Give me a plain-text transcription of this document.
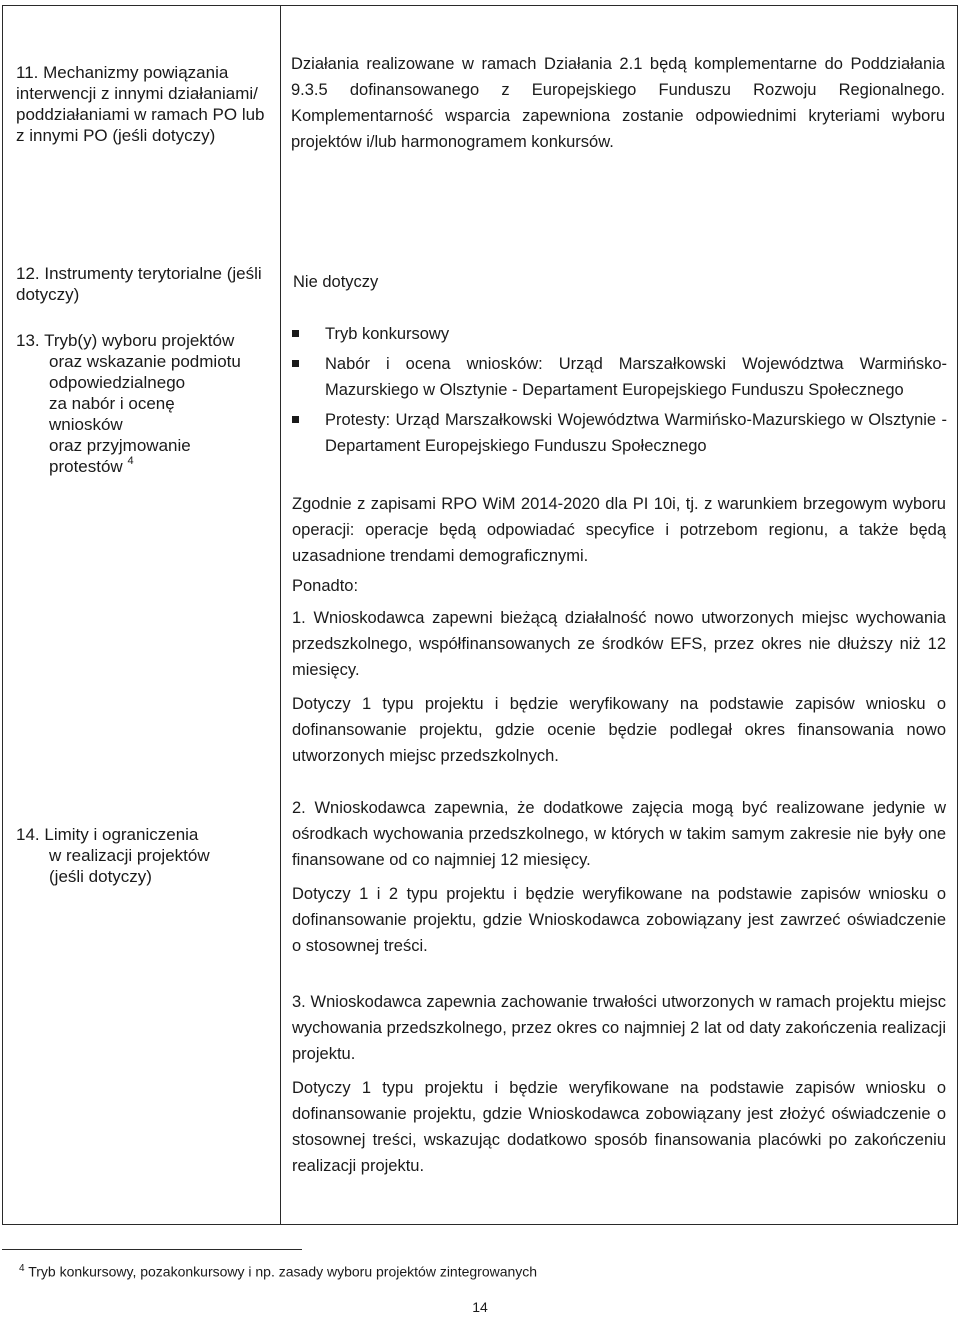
11. Mechanizmy powiązania interwencji z innymi działaniami/ poddziałaniami w ramach PO lub z innymi PO (jeśli dotyczy)

Działania realizowane w ramach Działania 2.1 będą komplementarne do Poddziałania 9.3.5 dofinansowanego z Europejskiego Funduszu Rozwoju Regionalnego. Komplementarność wsparcia zapewniona zostanie odpowiednimi kryteriami wyboru projektów i/lub harmonogramem konkursów.

12. Instrumenty terytorialne (jeśli dotyczy)

Nie dotyczy

13. Tryb(y) wyboru projektów
oraz wskazanie podmiotu
odpowiedzialnego
za nabór i ocenę
wniosków
oraz przyjmowanie
protestów $^4$
Tryb konkursowy
Nabór i ocena wniosków: Urząd Marszałkowski Województwa Warmińsko-Mazurskiego w Olsztynie - Departament Europejskiego Funduszu Społecznego
Protesty: Urząd Marszałkowski Województwa Warmińsko-Mazurskiego w Olsztynie - Departament Europejskiego Funduszu Społecznego
14. Limity i ograniczenia
w realizacji projektów
(jeśli dotyczy)

Zgodnie z zapisami RPO WiM 2014-2020 dla PI 10i, tj. z warunkiem brzegowym wyboru operacji: operacje będą odpowiadać specyfice i potrzebom regionu, a także będą uzasadnione trendami demograficznymi.

Ponadto:

1. Wnioskodawca zapewni bieżącą działalność nowo utworzonych miejsc wychowania przedszkolnego, współfinansowanych ze środków EFS, przez okres nie dłuższy niż 12 miesięcy.

Dotyczy 1 typu projektu i będzie weryfikowany na podstawie zapisów wniosku o dofinansowanie projektu, gdzie ocenie będzie podlegał okres finansowania nowo utworzonych miejsc przedszkolnych.

2. Wnioskodawca zapewnia, że dodatkowe zajęcia mogą być realizowane jedynie w ośrodkach wychowania przedszkolnego, w których w takim samym zakresie nie były one finansowane od co najmniej 12 miesięcy.

Dotyczy 1 i 2 typu projektu i będzie weryfikowane na podstawie zapisów wniosku o dofinansowanie projektu, gdzie Wnioskodawca zobowiązany jest zawrzeć oświadczenie o stosownej treści.

3. Wnioskodawca zapewnia zachowanie trwałości utworzonych w ramach projektu miejsc wychowania przedszkolnego, przez okres co najmniej 2 lat od daty zakończenia realizacji projektu.

Dotyczy 1 typu projektu i będzie weryfikowane na podstawie zapisów wniosku o dofinansowanie projektu, gdzie Wnioskodawca zobowiązany jest złożyć oświadczenie o stosownej treści, wskazując dodatkowo sposób finansowania placówki po zakończeniu realizacji projektu.

$^4$ Tryb konkursowy, pozakonkursowy i np. zasady wyboru projektów zintegrowanych
14
